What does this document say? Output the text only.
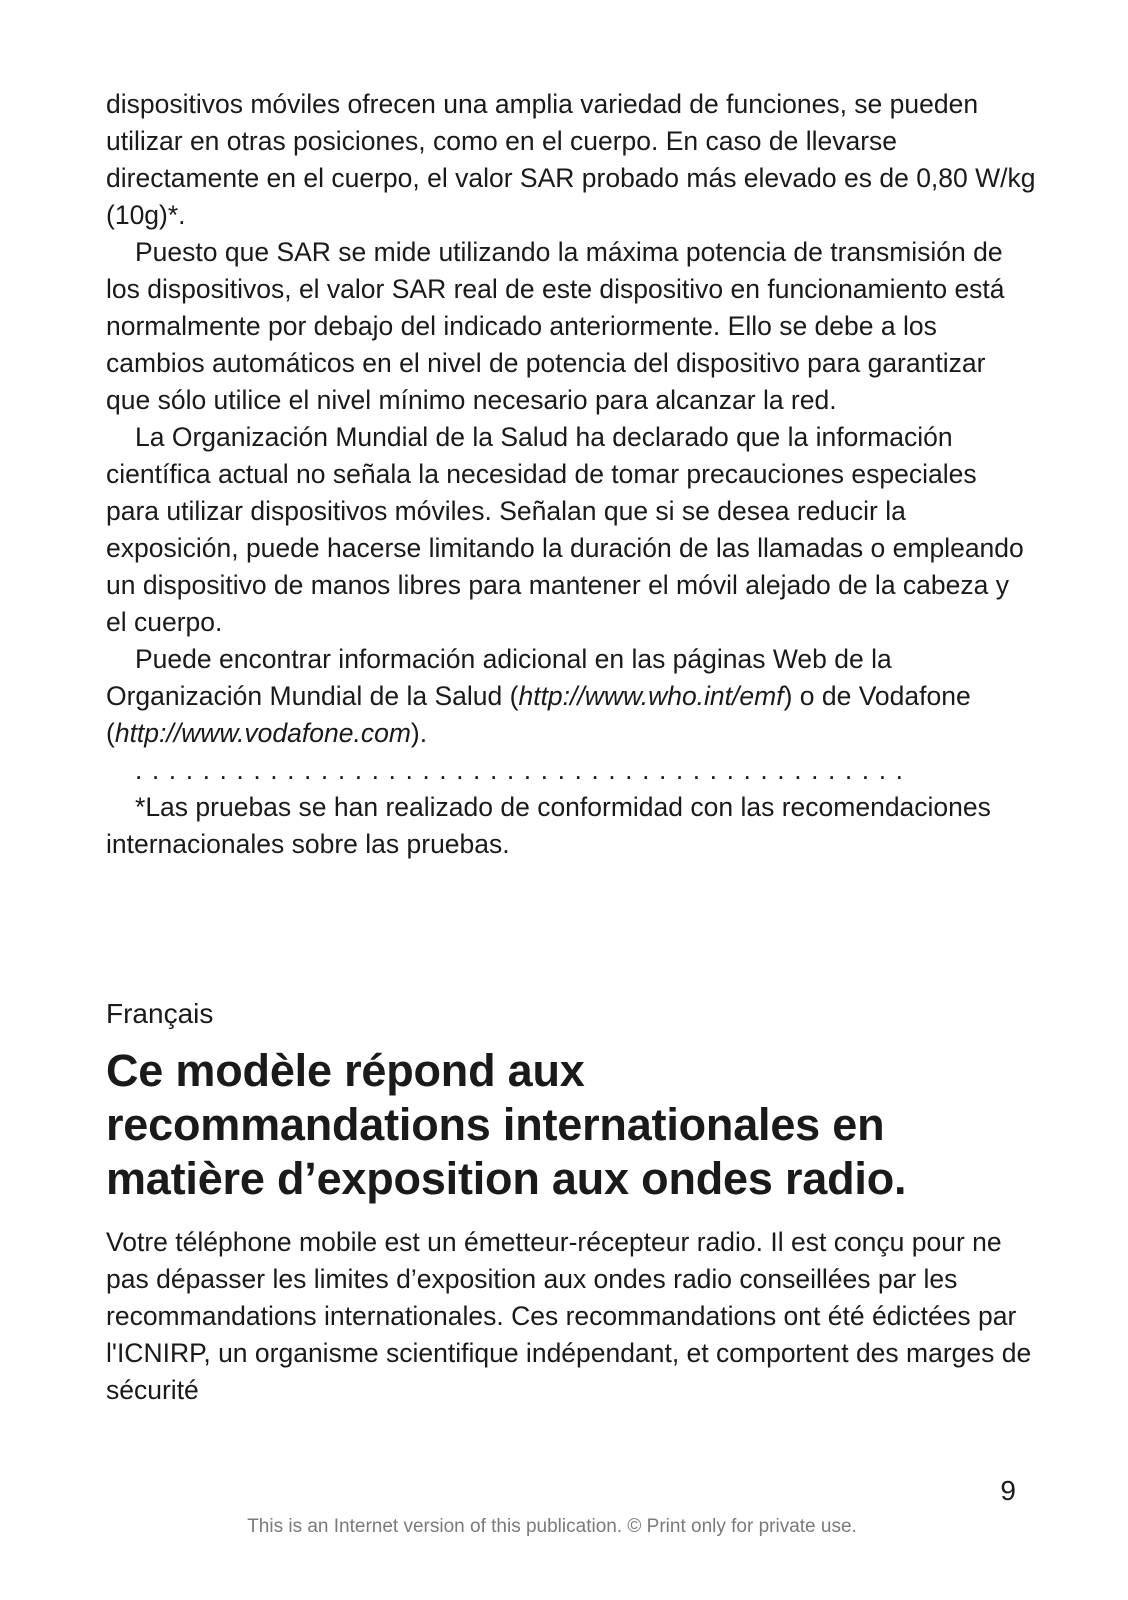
dispositivos móviles ofrecen una amplia variedad de funciones, se pueden utilizar en otras posiciones, como en el cuerpo. En caso de llevarse directamente en el cuerpo, el valor SAR probado más elevado es de 0,80 W/kg (10g)*.

Puesto que SAR se mide utilizando la máxima potencia de transmisión de los dispositivos, el valor SAR real de este dispositivo en funcionamiento está normalmente por debajo del indicado anteriormente. Ello se debe a los cambios automáticos en el nivel de potencia del dispositivo para garantizar que sólo utilice el nivel mínimo necesario para alcanzar la red.

La Organización Mundial de la Salud ha declarado que la información científica actual no señala la necesidad de tomar precauciones especiales para utilizar dispositivos móviles. Señalan que si se desea reducir la exposición, puede hacerse limitando la duración de las llamadas o empleando un dispositivo de manos libres para mantener el móvil alejado de la cabeza y el cuerpo.

Puede encontrar información adicional en las páginas Web de la Organización Mundial de la Salud (http://www.who.int/emf) o de Vodafone (http://www.vodafone.com).

..............................................

*Las pruebas se han realizado de conformidad con las recomendaciones internacionales sobre las pruebas.

Français

Ce modèle répond aux
recommandations internationales en
matière d’exposition aux ondes radio.

Votre téléphone mobile est un émetteur-récepteur radio. Il est conçu pour ne pas dépasser les limites d’exposition aux ondes radio conseillées par les recommandations internationales. Ces recommandations ont été édictées par l'ICNIRP, un organisme scientifique indépendant, et comportent des marges de sécurité

9

This is an Internet version of this publication. © Print only for private use.
